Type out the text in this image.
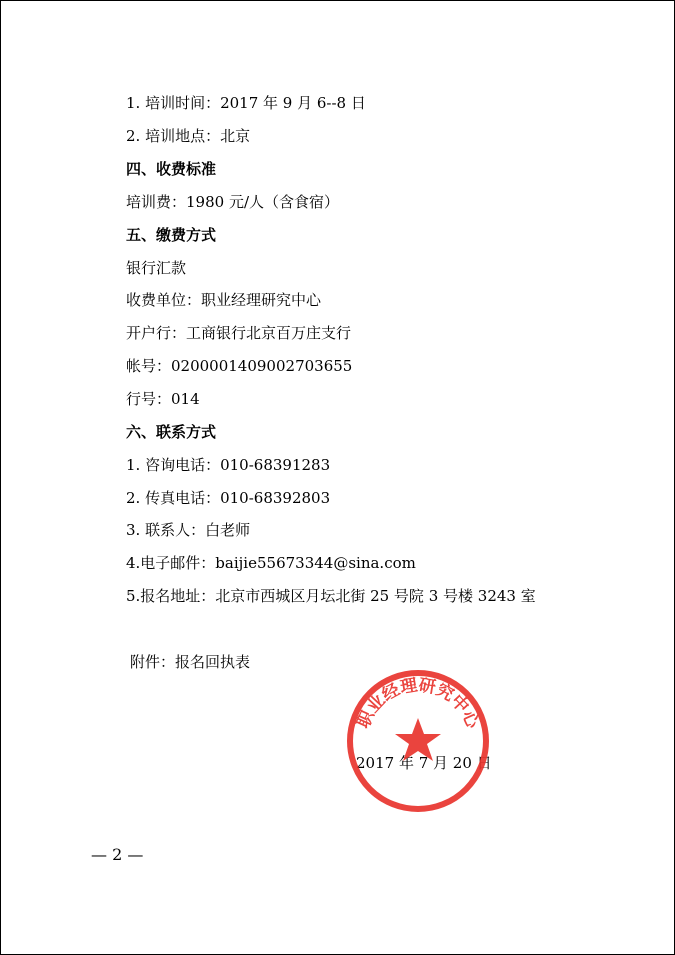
1. 培训时间：2017 年 9 月 6--8 日
2. 培训地点：北京
四、收费标准
培训费：1980 元/人（含食宿）
五、缴费方式
银行汇款
收费单位：职业经理研究中心
开户行：工商银行北京百万庄支行
帐号：0200001409002703655
行号：014
六、联系方式
1. 咨询电话：010-68391283
2. 传真电话：010-68392803
3. 联系人：白老师
4.电子邮件：baijie55673344@sina.com
5.报名地址：北京市西城区月坛北街 25 号院 3 号楼 3243 室
附件：报名回执表
2017 年 7 月 20 日
职业经理研究中心
— 2 —
